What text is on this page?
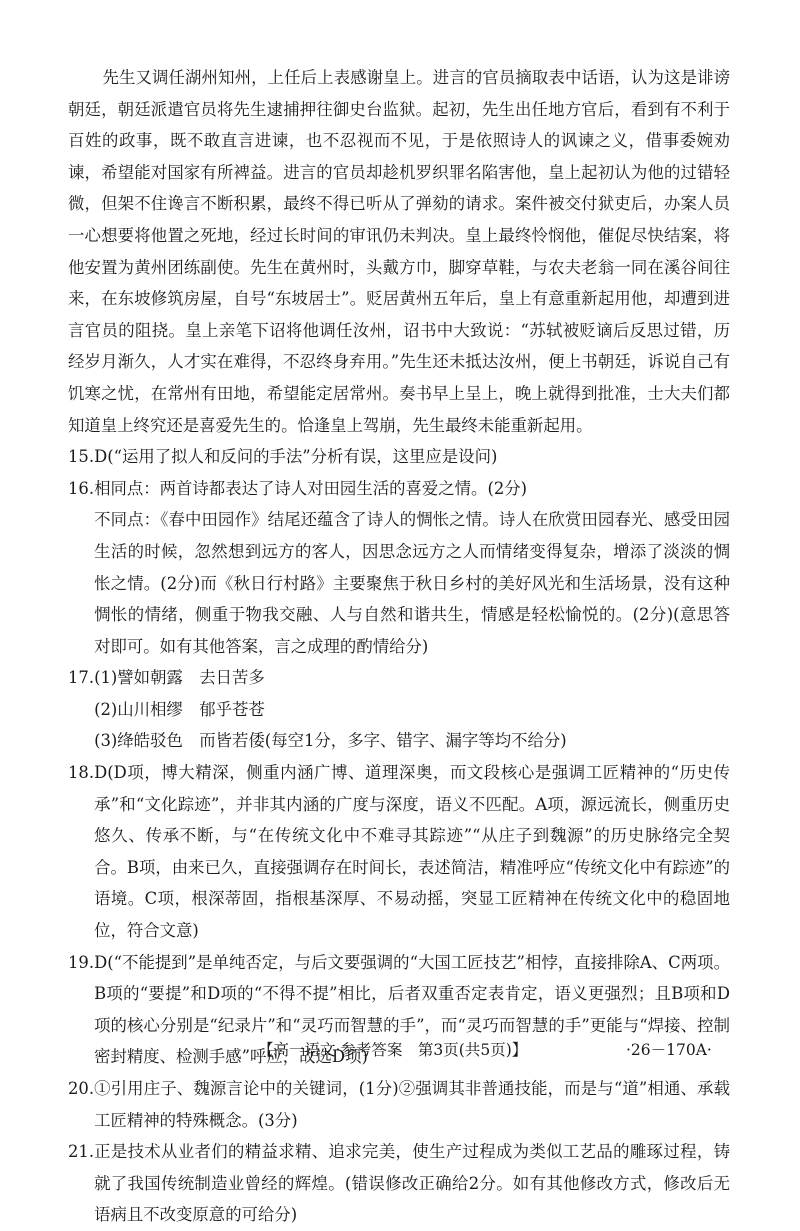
先生又调任湖州知州，上任后上表感谢皇上。进言的官员摘取表中话语，认为这是诽谤朝廷，朝廷派遣官员将先生逮捕押往御史台监狱。起初，先生出任地方官后，看到有不利于百姓的政事，既不敢直言进谏，也不忍视而不见，于是依照诗人的讽谏之义，借事委婉劝谏，希望能对国家有所裨益。进言的官员却趁机罗织罪名陷害他，皇上起初认为他的过错轻微，但架不住谗言不断积累，最终不得已听从了弹劾的请求。案件被交付狱吏后，办案人员一心想要将他置之死地，经过长时间的审讯仍未判决。皇上最终怜悯他，催促尽快结案，将他安置为黄州团练副使。先生在黄州时，头戴方巾，脚穿草鞋，与农夫老翁一同在溪谷间往来，在东坡修筑房屋，自号“东坡居士”。贬居黄州五年后，皇上有意重新起用他，却遭到进言官员的阻挠。皇上亲笔下诏将他调任汝州，诏书中大致说：“苏轼被贬谪后反思过错，历经岁月渐久，人才实在难得，不忍终身弃用。”先生还未抵达汝州，便上书朝廷，诉说自己有饥寒之忧，在常州有田地，希望能定居常州。奏书早上呈上，晚上就得到批准，士大夫们都知道皇上终究还是喜爱先生的。恰逢皇上驾崩，先生最终未能重新起用。

15. D(“运用了拟人和反问的手法”分析有误，这里应是设问)

16. 相同点：两首诗都表达了诗人对田园生活的喜爱之情。(2分)

不同点：《春中田园作》结尾还蕴含了诗人的惆怅之情。诗人在欣赏田园春光、感受田园生活的时候，忽然想到远方的客人，因思念远方之人而情绪变得复杂，增添了淡淡的惆怅之情。(2分)而《秋日行村路》主要聚焦于秋日乡村的美好风光和生活场景，没有这种惆怅的情绪，侧重于物我交融、人与自然和谐共生，情感是轻松愉悦的。(2分)(意思答对即可。如有其他答案，言之成理的酌情给分)

17. (1)譬如朝露　去日苦多

(2)山川相缪　郁乎苍苍

(3)绛皓驳色　而皆若倭(每空1分，多字、错字、漏字等均不给分)

18. D(D项，博大精深，侧重内涵广博、道理深奥，而文段核心是强调工匠精神的“历史传承”和“文化踪迹”，并非其内涵的广度与深度，语义不匹配。A项，源远流长，侧重历史悠久、传承不断，与“在传统文化中不难寻其踪迹”“从庄子到魏源”的历史脉络完全契合。B项，由来已久，直接强调存在时间长，表述简洁，精准呼应“传统文化中有踪迹”的语境。C项，根深蒂固，指根基深厚、不易动摇，突显工匠精神在传统文化中的稳固地位，符合文意)

19. D(“不能提到”是单纯否定，与后文要强调的“大国工匠技艺”相悖，直接排除A、C两项。B项的“要提”和D项的“不得不提”相比，后者双重否定表肯定，语义更强烈；且B项和D项的核心分别是“纪录片”和“灵巧而智慧的手”，而“灵巧而智慧的手”更能与“焊接、控制密封精度、检测手感”呼应，故选D项)

20. ①引用庄子、魏源言论中的关键词，(1分)②强调其非普通技能，而是与“道”相通、承载工匠精神的特殊概念。(3分)

21. 正是技术从业者们的精益求精、追求完美，使生产过程成为类似工艺品的雕琢过程，铸就了我国传统制造业曾经的辉煌。(错误修改正确给2分。如有其他修改方式，修改后无语病且不改变原意的可给分)

【高一语文·参考答案　第3页(共5页)】	·26－170A·
